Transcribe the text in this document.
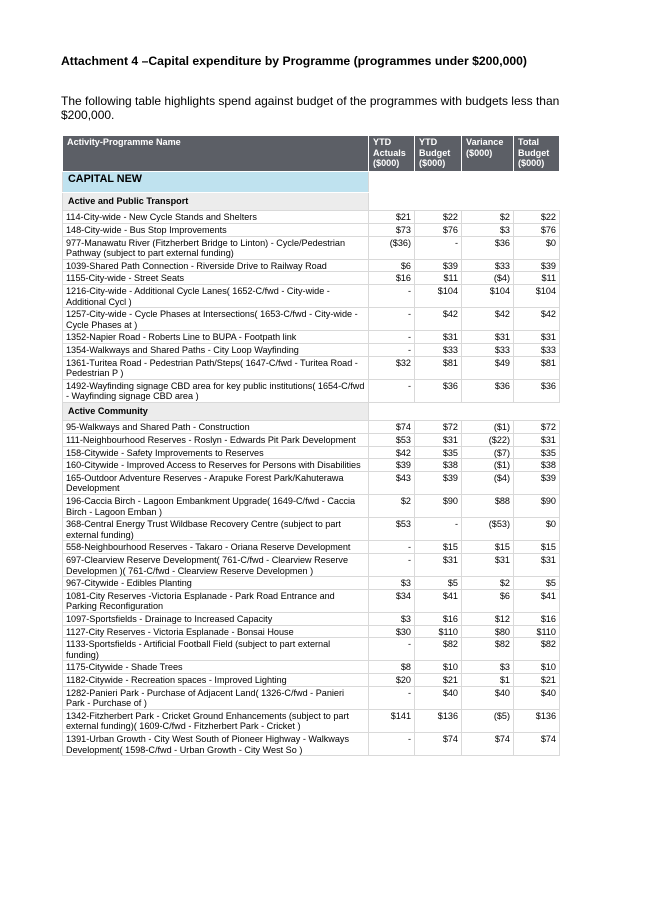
Attachment 4 –Capital expenditure by Programme (programmes under $200,000)
The following table highlights spend against budget of the programmes with budgets less than $200,000.
Activity-Programme Name	YTD Actuals ($000)	YTD Budget ($000)	Variance ($000)	Total Budget ($000)
CAPITAL NEW				
Active and Public Transport				
114-City-wide - New Cycle Stands and Shelters	$21	$22	$2	$22
148-City-wide - Bus Stop Improvements	$73	$76	$3	$76
977-Manawatu River (Fitzherbert Bridge to Linton) - Cycle/Pedestrian Pathway (subject to part external funding)	($36)	-	$36	$0
1039-Shared Path Connection - Riverside Drive to Railway Road	$6	$39	$33	$39
1155-City-wide - Street Seats	$16	$11	($4)	$11
1216-City-wide - Additional Cycle Lanes( 1652-C/fwd - City-wide - Additional Cycl )	-	$104	$104	$104
1257-City-wide - Cycle Phases at Intersections( 1653-C/fwd - City-wide - Cycle Phases at )	-	$42	$42	$42
1352-Napier Road - Roberts Line to BUPA - Footpath link	-	$31	$31	$31
1354-Walkways and Shared Paths - City Loop Wayfinding	-	$33	$33	$33
1361-Turitea Road - Pedestrian Path/Steps( 1647-C/fwd - Turitea Road - Pedestrian P )	$32	$81	$49	$81
1492-Wayfinding signage CBD area for key public institutions( 1654-C/fwd - Wayfinding signage CBD area )	-	$36	$36	$36
Active Community				
95-Walkways and Shared Path - Construction	$74	$72	($1)	$72
111-Neighbourhood Reserves - Roslyn - Edwards Pit Park Development	$53	$31	($22)	$31
158-Citywide - Safety Improvements to Reserves	$42	$35	($7)	$35
160-Citywide - Improved Access to Reserves for Persons with Disabilities	$39	$38	($1)	$38
165-Outdoor Adventure Reserves - Arapuke Forest Park/Kahuterawa Development	$43	$39	($4)	$39
196-Caccia Birch - Lagoon Embankment Upgrade( 1649-C/fwd - Caccia Birch - Lagoon Emban )	$2	$90	$88	$90
368-Central Energy Trust Wildbase Recovery Centre (subject to part external funding)	$53	-	($53)	$0
558-Neighbourhood Reserves - Takaro - Oriana Reserve Development	-	$15	$15	$15
697-Clearview Reserve Development( 761-C/fwd - Clearview Reserve Developmen )( 761-C/fwd - Clearview Reserve Developmen )	-	$31	$31	$31
967-Citywide - Edibles Planting	$3	$5	$2	$5
1081-City Reserves -Victoria Esplanade - Park Road Entrance and Parking Reconfiguration	$34	$41	$6	$41
1097-Sportsfields - Drainage to Increased Capacity	$3	$16	$12	$16
1127-City Reserves - Victoria Esplanade - Bonsai House	$30	$110	$80	$110
1133-Sportsfields - Artificial Football Field (subject to part external funding)	-	$82	$82	$82
1175-Citywide - Shade Trees	$8	$10	$3	$10
1182-Citywide - Recreation spaces - Improved Lighting	$20	$21	$1	$21
1282-Panieri Park - Purchase of Adjacent Land( 1326-C/fwd - Panieri Park - Purchase of )	-	$40	$40	$40
1342-Fitzherbert Park - Cricket Ground Enhancements (subject to part external funding)( 1609-C/fwd - Fitzherbert Park - Cricket )	$141	$136	($5)	$136
1391-Urban Growth - City West South of Pioneer Highway - Walkways Development( 1598-C/fwd - Urban Growth - City West So )	-	$74	$74	$74
